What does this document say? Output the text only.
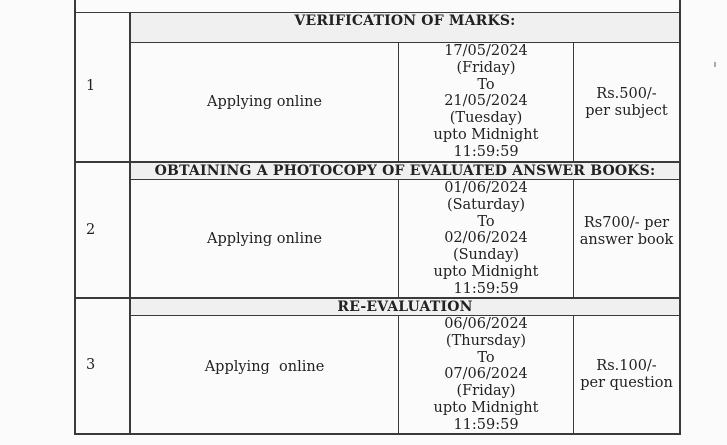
VERIFICATION OF MARKS:
1
Applying online
17/05/2024
(Friday)
To
21/05/2024
(Tuesday)
upto Midnight
11:59:59
Rs.500/-
per subject
OBTAINING A PHOTOCOPY OF EVALUATED ANSWER BOOKS:
2
Applying online
01/06/2024
(Saturday)
To
02/06/2024
(Sunday)
upto Midnight
11:59:59
Rs700/- per
answer book
RE-EVALUATION
3	Applying  online
06/06/2024
(Thursday)
To
07/06/2024
(Friday)
upto Midnight
11:59:59
Rs.100/-
per question
